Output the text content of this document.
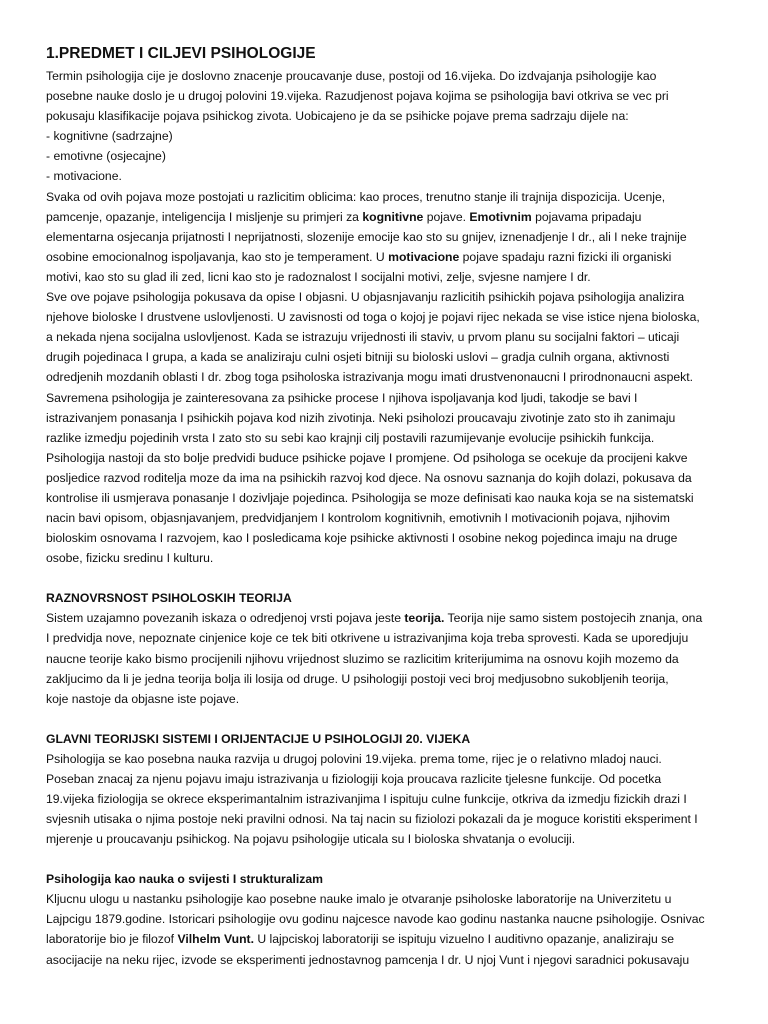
1.PREDMET I CILJEVI PSIHOLOGIJE

Termin psihologija cije je doslovno znacenje proucavanje duse, postoji od 16.vijeka. Do izdvajanja psihologije kao

posebne nauke doslo je u drugoj polovini 19.vijeka. Razudjenost pojava kojima se psihologija bavi otkriva se vec pri

pokusaju klasifikacije pojava psihickog zivota. Uobicajeno je da se psihicke pojave prema sadrzaju dijele na:

- kognitivne (sadrzajne)

- emotivne (osjecajne)

- motivacione.

Svaka od ovih pojava moze postojati u razlicitim oblicima: kao proces, trenutno stanje ili trajnija dispozicija. Ucenje,

pamcenje, opazanje, inteligencija I misljenje su primjeri za kognitivne pojave. Emotivnim pojavama pripadaju

elementarna osjecanja prijatnosti I neprijatnosti, slozenije emocije kao sto su gnijev, iznenadjenje I dr., ali I neke trajnije

osobine emocionalnog ispoljavanja, kao sto je temperament. U motivacione pojave spadaju razni fizicki ili organiski

motivi, kao sto su glad ili zed, licni kao sto je radoznalost I socijalni motivi, zelje, svjesne namjere I dr.

Sve ove pojave psihologija pokusava da opise I objasni. U objasnjavanju razlicitih psihickih pojava psihologija analizira

njehove bioloske I drustvene uslovljenosti. U zavisnosti od toga o kojoj je pojavi rijec nekada se vise istice njena bioloska,

a nekada njena socijalna uslovljenost. Kada se istrazuju vrijednosti ili staviv, u prvom planu su socijalni faktori – uticaji

drugih pojedinaca I grupa, a kada se analiziraju culni osjeti bitniji su bioloski uslovi – gradja culnih organa, aktivnosti

odredjenih mozdanih oblasti I dr. zbog toga psiholoska istrazivanja mogu imati drustvenonaucni I prirodnonaucni aspekt.

Savremena psihologija je zainteresovana za psihicke procese I njihova ispoljavanja kod ljudi, takodje se bavi I

istrazivanjem ponasanja I psihickih pojava kod nizih zivotinja. Neki psiholozi proucavaju zivotinje zato sto ih zanimaju

razlike izmedju pojedinih vrsta I zato sto su sebi kao krajnji cilj postavili razumijevanje evolucije psihickih funkcija.

Psihologija nastoji da sto bolje predvidi buduce psihicke pojave I promjene. Od psihologa se ocekuje da procijeni kakve

posljedice razvod roditelja moze da ima na psihickih razvoj kod djece. Na osnovu saznanja do kojih dolazi, pokusava da

kontrolise ili usmjerava ponasanje I dozivljaje pojedinca. Psihologija se moze definisati kao nauka koja se na sistematski

nacin bavi opisom, objasnjavanjem, predvidjanjem I kontrolom kognitivnih, emotivnih I motivacionih pojava, njihovim

bioloskim osnovama I razvojem, kao I posledicama koje psihicke aktivnosti I osobine nekog pojedinca imaju na druge

osobe, fizicku sredinu I kulturu.

RAZNOVRSNOST PSIHOLOSKIH TEORIJA

Sistem uzajamno povezanih iskaza o odredjenoj vrsti pojava jeste teorija. Teorija nije samo sistem postojecih znanja, ona

I predvidja nove, nepoznate cinjenice koje ce tek biti otkrivene u istrazivanjima koja treba sprovesti. Kada se uporedjuju

naucne teorije kako bismo procijenili njihovu vrijednost sluzimo se razlicitim kriterijumima na osnovu kojih mozemo da

zakljucimo da li je jedna teorija bolja ili losija od druge. U psihologiji postoji veci broj medjusobno sukobljenih teorija,

koje nastoje da objasne iste pojave.

GLAVNI TEORIJSKI SISTEMI I ORIJENTACIJE U PSIHOLOGIJI 20. VIJEKA

Psihologija se kao posebna nauka razvija u drugoj polovini 19.vijeka. prema tome, rijec je o relativno mladoj nauci.

Poseban znacaj za njenu pojavu imaju istrazivanja u fiziologiji koja proucava razlicite tjelesne funkcije. Od pocetka

19.vijeka fiziologija se okrece eksperimantalnim istrazivanjima I ispituju culne funkcije, otkriva da izmedju fizickih drazi I

svjesnih utisaka o njima postoje neki pravilni odnosi. Na taj nacin su fiziolozi pokazali da je moguce koristiti eksperiment I

mjerenje u proucavanju psihickog. Na pojavu psihologije uticala su I bioloska shvatanja o evoluciji.

Psihologija kao nauka o svijesti I strukturalizam

Kljucnu ulogu u nastanku psihologije kao posebne nauke imalo je otvaranje psiholoske laboratorije na Univerzitetu u

Lajpcigu 1879.godine. Istoricari psihologije ovu godinu najcesce navode kao godinu nastanka naucne psihologije. Osnivac

laboratorije bio je filozof Vilhelm Vunt. U lajpciskoj laboratoriji se ispituju vizuelno I auditivno opazanje, analiziraju se

asocijacije na neku rijec, izvode se eksperimenti jednostavnog pamcenja I dr. U njoj Vunt i njegovi saradnici pokusavaju
